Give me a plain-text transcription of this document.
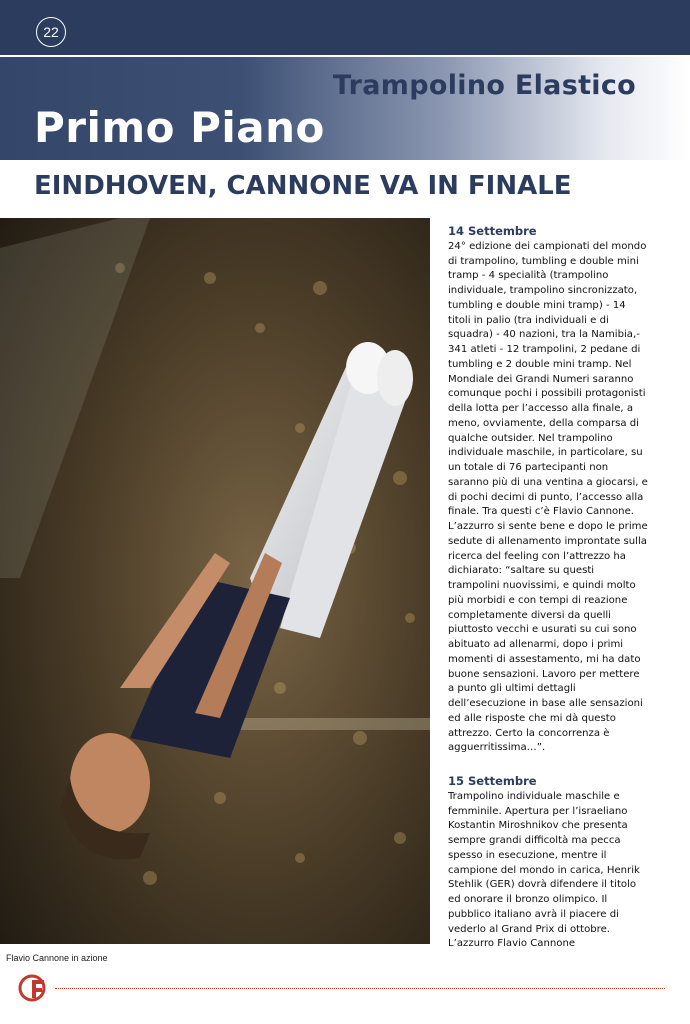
22
Trampolino Elastico
Primo Piano
EINDHOVEN, CANNONE VA IN FINALE
Flavio Cannone in azione
14 Settembre

24° edizione dei campionati del mondo di trampolino, tumbling e double mini tramp - 4 specialità (trampolino individuale, trampolino sincronizzato, tumbling e double mini tramp) - 14 titoli in palio (tra individuali e di squadra) - 40 nazioni, tra la Namibia,- 341 atleti - 12 trampolini, 2 pedane di tumbling e 2 double mini tramp. Nel Mondiale dei Grandi Numeri saranno comunque pochi i possibili protagonisti della lotta per l’accesso alla finale, a meno, ovviamente, della comparsa di qualche outsider. Nel trampolino individuale maschile, in particolare, su un totale di 76 partecipanti non saranno più di una ventina a giocarsi, e di pochi decimi di punto, l’accesso alla finale. Tra questi c’è Flavio Cannone. L’azzurro si sente bene e dopo le prime sedute di allenamento improntate sulla ricerca del feeling con l’attrezzo ha dichiarato: “saltare su questi trampolini nuovissimi, e quindi molto più morbidi e con tempi di reazione completamente diversi da quelli piuttosto vecchi e usurati su cui sono abituato ad allenarmi, dopo i primi momenti di assestamento, mi ha dato buone sensazioni. Lavoro per mettere a punto gli ultimi dettagli dell’esecuzione in base alle sensazioni ed alle risposte che mi dà questo attrezzo. Certo la concorrenza è agguerritissima…”.

15 Settembre

Trampolino individuale maschile e femminile. Apertura per l’israeliano Kostantin Miroshnikov che presenta sempre grandi difficoltà ma pecca spesso in esecuzione, mentre il campione del mondo in carica, Henrik Stehlik (GER) dovrà difendere il titolo ed onorare il bronzo olimpico. Il pubblico italiano avrà il piacere di vederlo al Grand Prix di ottobre. L’azzurro Flavio Cannone
